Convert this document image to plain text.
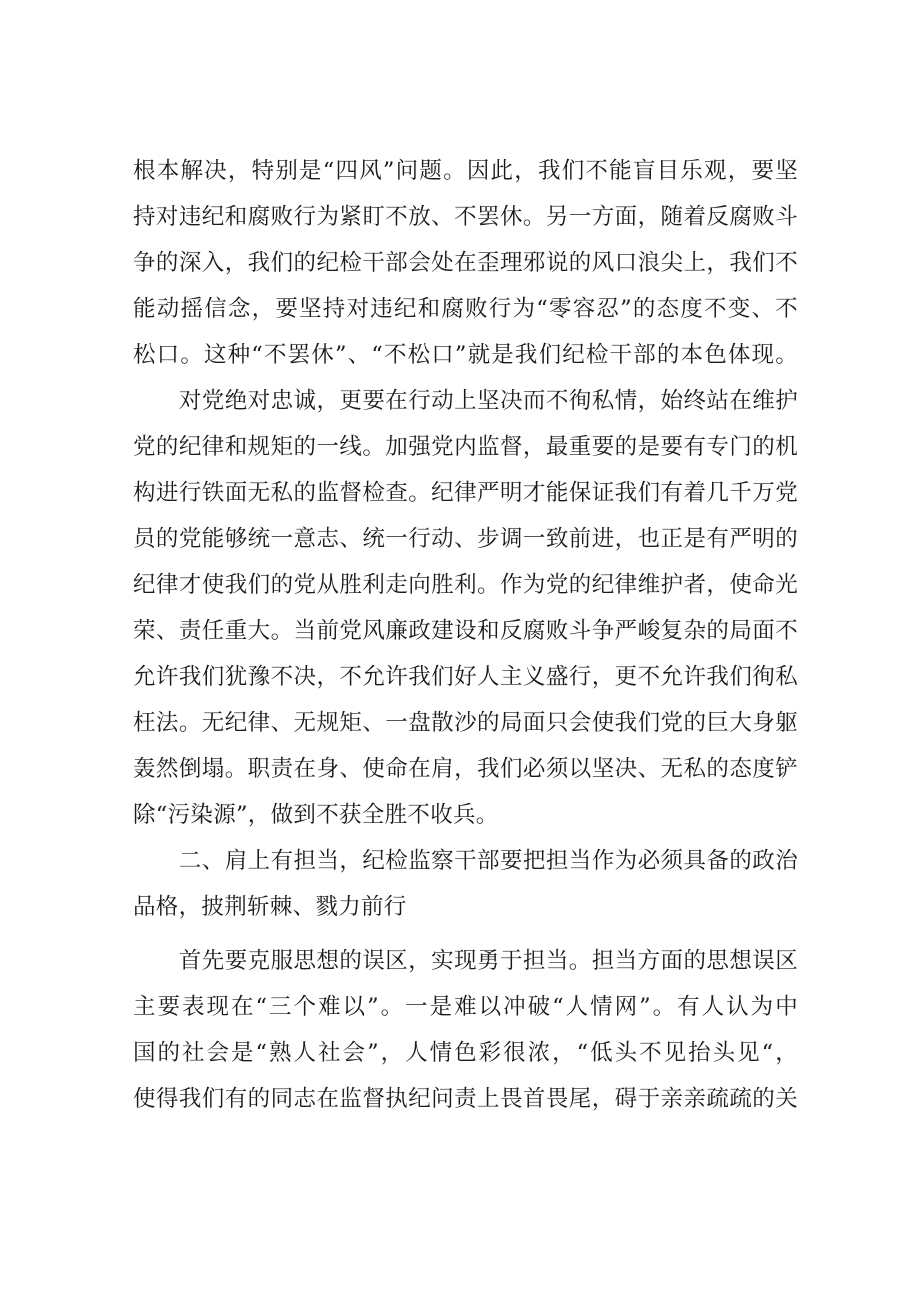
根本解决，特别是“四风”问题。因此，我们不能盲目乐观，要坚
持对违纪和腐败行为紧盯不放、不罢休。另一方面，随着反腐败斗
争的深入，我们的纪检干部会处在歪理邪说的风口浪尖上，我们不
能动摇信念，要坚持对违纪和腐败行为“零容忍”的态度不变、不
松口。这种“不罢休”、“不松口”就是我们纪检干部的本色体现。
　　对党绝对忠诚，更要在行动上坚决而不徇私情，始终站在维护
党的纪律和规矩的一线。加强党内监督，最重要的是要有专门的机
构进行铁面无私的监督检查。纪律严明才能保证我们有着几千万党
员的党能够统一意志、统一行动、步调一致前进，也正是有严明的
纪律才使我们的党从胜利走向胜利。作为党的纪律维护者，使命光
荣、责任重大。当前党风廉政建设和反腐败斗争严峻复杂的局面不
允许我们犹豫不决，不允许我们好人主义盛行，更不允许我们徇私
枉法。无纪律、无规矩、一盘散沙的局面只会使我们党的巨大身躯
轰然倒塌。职责在身、使命在肩，我们必须以坚决、无私的态度铲
除“污染源”，做到不获全胜不收兵。
　　二、肩上有担当，纪检监察干部要把担当作为必须具备的政治
品格，披荆斩棘、戮力前行
　　首先要克服思想的误区，实现勇于担当。担当方面的思想误区
主要表现在“三个难以”。一是难以冲破“人情网”。有人认为中
国的社会是“熟人社会”，人情色彩很浓，“低头不见抬头见“，
使得我们有的同志在监督执纪问责上畏首畏尾，碍于亲亲疏疏的关
